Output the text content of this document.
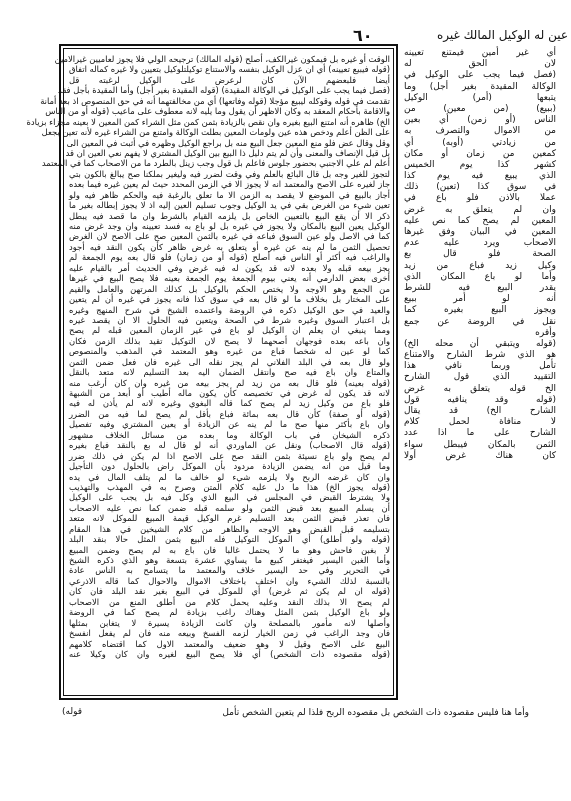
٦٠	عين له الوكيل المالك غيره
الوقت أو غيره بل فيمكون غيرالكف، أصلح (قوله المالك) ترجيحه الولي فلا يجوز لعاميين غيرالامين
(قوله فيبيع تعيينه) أي ان عزل الوكيل بنفسه والاستناع توكيلتلوكيل بتعيين ولا غيره كماله اتفاق
أيضا فلبعضهم الآن كان لرعرض على الوكيل لرغبته قل
(فصل فيما يجب على الوكيل في الوكالة المقيدة) (قوله المقيدة بغير أجل) وأما المقيدة بأجل فقد
تقدمت في قوله وقوكله ليبيع مؤجلا (قوله وفاتعها) أي من مخالفتهما أنه في حق المنصوص اذ بعد أمانة
والاقامة بأحكام المعقد به وكان الاظهر أن يقول وما يليه لانه معطوف على ماعيب (قوله أو من الناس
الخ) ظاهره أنه امتنع البيع بغيره وان نقص بالزيادة بثمن كمن مثل الشراء كمن المعين لا بعينه مجزاء بزيادة
على الظن أعلم ودخص هذه عين ولومات المعين بطلت الوكالة وامتنع من الشراء غيره لأنه تعين بجعل
وقل وقال عض فلو منع المعين جعل البيع منه بل براجع الوكيل وظهره في أثبت في المعين الى
بل قيل الإنصاف والمعنى وأن لم يتم دليل ذا البيع بين الوكيل المشتري لا يفهم نعي العين ان قد
أعلم لم علي الاجنبي بحضور جلوس فاعلم بل قول وجب زينل بالطرد ما من الاصحاب كما في المعتمد
لتجوز للغير وجه بل قال البائع بالعلم وفي وقت لضرر فيه وليغير بملكنا صح يبالغ بالكون بتي
جاز لغيره على الاصح والمعتمد انه لا يجوز الا في الزمن المحدد حيث لم يعين غيره فيما بعده
أجاز بالبيع في الموضع لا يقصد به الزمن الا ما تعلق بالرغبة فيه والحكم ظاهر فيه ولو
تعين شيء من الغرض بقي في يد الوكيل وجوب تسليم العين إليه اذ لا يجوز إبطاله بغير ما
ذكر الا أن يقع البيع بالتعيين الخاص بل يلزمه القيام بالشرط وان ما قصد فيه يبطل
الوكيل يعين البيع بالمكان ولا يجوز في غيره بل لو باع به فسد تعيينه وان وجد غرض منه
كما في الاصل ولو عين السوق فباعه في غيره بالثمن المعين صح على الاصح لان الغرض
تحصيل الثمن ما لم ينه عن غيره أو يتعلق به غرض ظاهر كأن يكون النقد فيه أجود
والراغب فيه أكثر أو الناس فيه أصلح (قوله أو من زمان) فلو قال بعه يوم الجمعة لم
يجز بيعه قبله ولا بعده لانه قد يكون له فيه غرض وفي الحديث أمر بالقيام عليه
أخرى بعض الدارمي أنه يعني بيوم الجمعة يوم الجمعة بعينه فلا يصح البيع في غيرها
من الجمع وهو الاوجه ولا يختص الحكم بالوكيل بل كذلك المرتهن والعامل والقيم
على المختار بل بخلاف ما لو قال بعه في سوق كذا فانه يجوز في غيره أن لم يتعين
والعيد في حق الوكيل ذكره في الروضة واعتمده الشيخ في شرح المنهج وغيره
بل اعتبار السوق وغيره شرط في الصحة ويتعين فيه الحلول الا ان يقصد غيره
ومما ينبغي ان يعلم ان الوكيل لو باع في غير الزمان المعين قبله لم يصح
وان باعه بعده فوجهان أصحهما لا يصح لان التوكيل تقيد بذلك الزمن فكان
كما لو عين له شخصا فباع من غيره وهو المعتمد في المذهب والمنصوص
ولو قال بعه في البلد الفلاني لم يجز نقله الى غيره فان فعل ضمن الثمن
والمتاع وان باع فيه صح وانتقل الضمان اليه بعد التسليم لانه متعد بالنقل
(قوله بعينه) فلو قال بعه من زيد لم يجز بيعه من غيره وان كان أرغب منه
لانه قد يكون له غرض في تخصيصه كأن يكون ماله أطيب أو أبعد من الشبهة
فلو باع من وكيل زيد لم يصح كما قاله البغوي وغيره لانه لم يأذن له فيه
(قوله أو صفة) كأن قال بعه بمائة فباع بأقل لم يصح لما فيه من الضرر
وان باع بأكثر منها صح ما لم ينه عن الزيادة أو يعين المشتري وفيه تفصيل
ذكره الشيخان في باب الوكالة وما بعده من مسائل الخلاف مشهور
(قوله قال الاصحاب) ونقل عن الماوردي أنه لو قال له بع بالنقد فباع بغيره
لم يصح ولو باع نسيئة بثمن النقد صح على الاصح اذا لم يكن في ذلك ضرر
وما قيل من انه يضمن الزيادة مردود بأن الموكل راض بالحلول دون التأجيل
وان كان غرضه الربح ولا يلزمه شيء لو خالف ما لم يتلف المال في يده
(قوله يجوز الخ) هذا ما دل عليه كلام المتن وصرح به في المهذب والتهذيب
ولا يشترط القبض في المجلس في البيع الذي وكل فيه بل يجب على الوكيل
أن يسلم المبيع بعد قبض الثمن ولو سلمه قبله ضمن كما نص عليه الاصحاب
فان تعذر قبض الثمن بعد التسليم غرم الوكيل قيمة المبيع للموكل لانه متعد
بتسليمه قبل القبض وهو الاوجه والظاهر من كلام الشيخين في هذا المقام
(قوله ولو أطلق) أي الموكل التوكيل فله البيع بثمن المثل حالا بنقد البلد
لا بغبن فاحش وهو ما لا يحتمل غالبا فان باع به لم يصح وضمن المبيع
وأما الغبن اليسير فيغتفر كبيع ما يساوي عشرة بتسعة وهو الذي ذكره الشيخ
في التحرير وفي حد اليسير خلاف والمعتمد ما يتسامح به الناس عادة
بالنسبة لذلك الشيء وان اختلف باختلاف الاموال والاحوال كما قاله الاذرعي
(قوله ان لم يكن ثم غرض) أي للموكل في البيع بغير نقد البلد فان كان
لم يصح الا بذلك النقد وعليه يحمل كلام من أطلق المنع من الاصحاب
ولو باع الوكيل بثمن المثل وهناك راغب بزيادة لم يصح كما في الروضة
وأصلها لانه مأمور بالمصلحة وان كانت الزيادة يسيرة لا يتغابن بمثلها
فان وجد الراغب في زمن الخيار لزمه الفسخ وبيعه منه فان لم يفعل انفسخ
البيع على الاصح وقيل لا وهو ضعيف والمعتمد الاول كما اقتضاه كلامهم
(قوله مقصوده ذات الشخص) أي فلا يصح البيع لغيره وان كان وكيلا عنه
أي غير أمين فيمتنع تعيينه
لان الحق له
(فصل فيما يجب على الوكيل في
الوكالة المقيدة بغير أجل) وما
يتبعها (أمر) الوكيل
(ببيع) (من معين) من
الناس (أو زمن) أي بعين
من الاموال والتصرف به
من زيادتي (أوبه) أي
كمعين من زمان أو مكان
كشهر كذا يوم الخميس
الذي يبيع فيه يوم كذا
في سوق كذا (تعين) ذلك
عملا بالاذن فلو باع في
وان لم يتعلق به غرض
المعين لم يصح كما نص عليه
المعين في البيان وفق غيرها
الاصحاب ويرد عليه عدم
الصحة فلو قال بع
وكيل زيد فباع من زيد
وأما لو باع المكان الذي
يقدر البيع فيه للشرط
أنه لو أمر ببيع
ويجوز البيع بغيره كما
نقل في الروضة عن جمع
وأقره
(قوله ويتبقي أن محله الخ)
هو الذي شرط الشارح والامتناع
تأمل وربما نافي هذا
التقييد الذي قول الشارح
الخ قوله يتعلق به غرض
(قوله وقد ينافيه قول
الشارح الخ) قد يقال
لا منافاة لحمل كلام
الشارح على ما اذا عدد
الثمن بالمكان فيبطل سواء
كان هناك غرض أولا
وأما هنا فليس مقصوده ذات الشخص بل مقصوده الربح فلذا لم يتعين الشخص تأمل
(قوله
